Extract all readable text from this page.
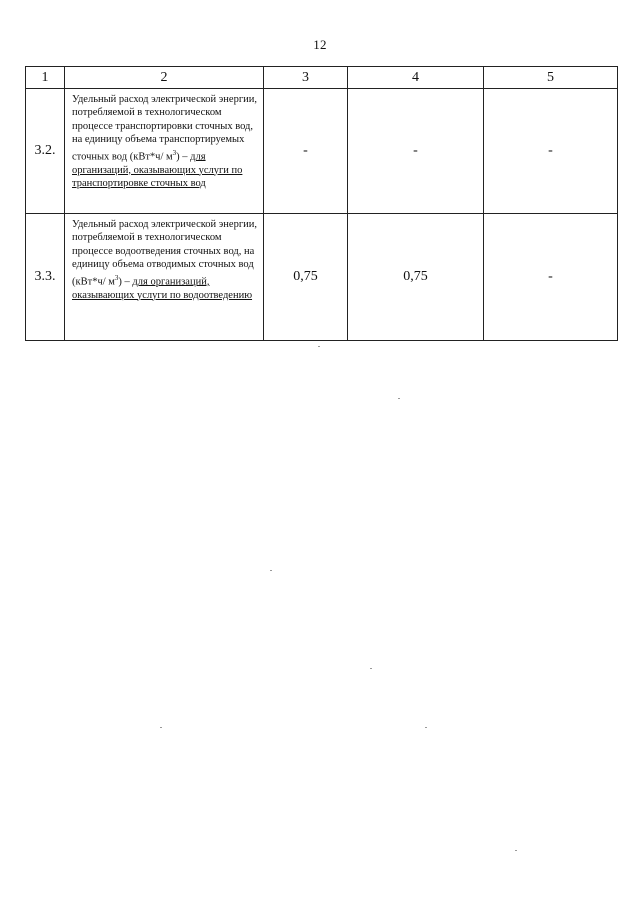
12
1	2	3	4	5
3.2.	Удельный расход электрической энергии, потребляемой в технологическом процессе транспортировки сточных вод, на единицу объема транспортируемых сточных вод (кВт*ч/ $м^3$) – для организаций, оказывающих услуги по транспортировке сточных вод	-	-	-
3.3.	Удельный расход электрической энергии, потребляемой в технологическом процессе водоотведения сточных вод, на единицу объема отводимых сточных вод (кВт*ч/ $м^3$) – для организаций, оказывающих услуги по водоотведению	0,75	0,75	-
